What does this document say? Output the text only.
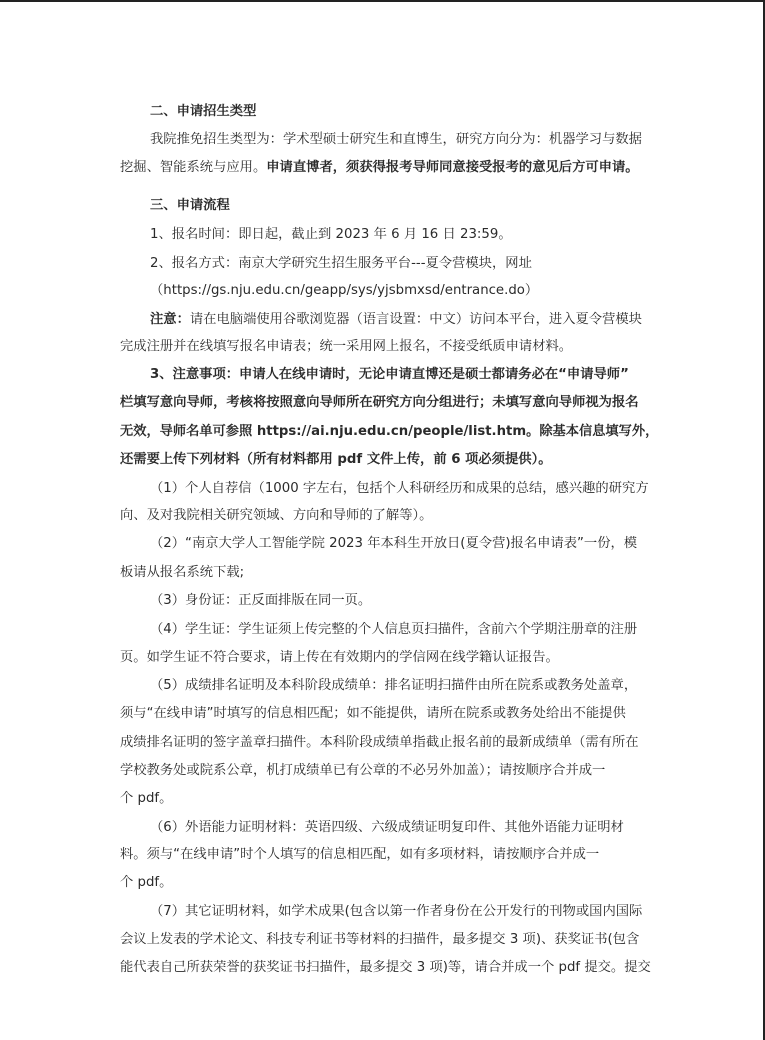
二、申请招生类型
我院推免招生类型为：学术型硕士研究生和直博生，研究方向分为：机器学习与数据
挖掘、智能系统与应用。申请直博者，须获得报考导师同意接受报考的意见后方可申请。
三、申请流程
1、报名时间：即日起，截止到 2023 年 6 月 16 日 23:59。
2、报名方式：南京大学研究生招生服务平台---夏令营模块，网址
（https://gs.nju.edu.cn/geapp/sys/yjsbmxsd/entrance.do）
注意：请在电脑端使用谷歌浏览器（语言设置：中文）访问本平台，进入夏令营模块
完成注册并在线填写报名申请表；统一采用网上报名，不接受纸质申请材料。
3、注意事项：申请人在线申请时，无论申请直博还是硕士都请务必在“申请导师”
栏填写意向导师，考核将按照意向导师所在研究方向分组进行；未填写意向导师视为报名
无效，导师名单可参照 https://ai.nju.edu.cn/people/list.htm。除基本信息填写外，
还需要上传下列材料（所有材料都用 pdf 文件上传，前 6 项必须提供）。
（1）个人自荐信（1000 字左右，包括个人科研经历和成果的总结，感兴趣的研究方
向、及对我院相关研究领域、方向和导师的了解等）。
（2）“南京大学人工智能学院 2023 年本科生开放日(夏令营)报名申请表”一份，模
板请从报名系统下载;
（3）身份证：正反面排版在同一页。
（4）学生证：学生证须上传完整的个人信息页扫描件，含前六个学期注册章的注册
页。如学生证不符合要求，请上传在有效期内的学信网在线学籍认证报告。
（5）成绩排名证明及本科阶段成绩单：排名证明扫描件由所在院系或教务处盖章，
须与“在线申请”时填写的信息相匹配；如不能提供，请所在院系或教务处给出不能提供
成绩排名证明的签字盖章扫描件。本科阶段成绩单指截止报名前的最新成绩单（需有所在
学校教务处或院系公章，机打成绩单已有公章的不必另外加盖）；请按顺序合并成一
个 pdf。
（6）外语能力证明材料：英语四级、六级成绩证明复印件、其他外语能力证明材
料。须与“在线申请”时个人填写的信息相匹配，如有多项材料，请按顺序合并成一
个 pdf。
（7）其它证明材料，如学术成果(包含以第一作者身份在公开发行的刊物或国内国际
会议上发表的学术论文、科技专利证书等材料的扫描件，最多提交 3 项)、获奖证书(包含
能代表自己所获荣誉的获奖证书扫描件，最多提交 3 项)等，请合并成一个 pdf 提交。提交
